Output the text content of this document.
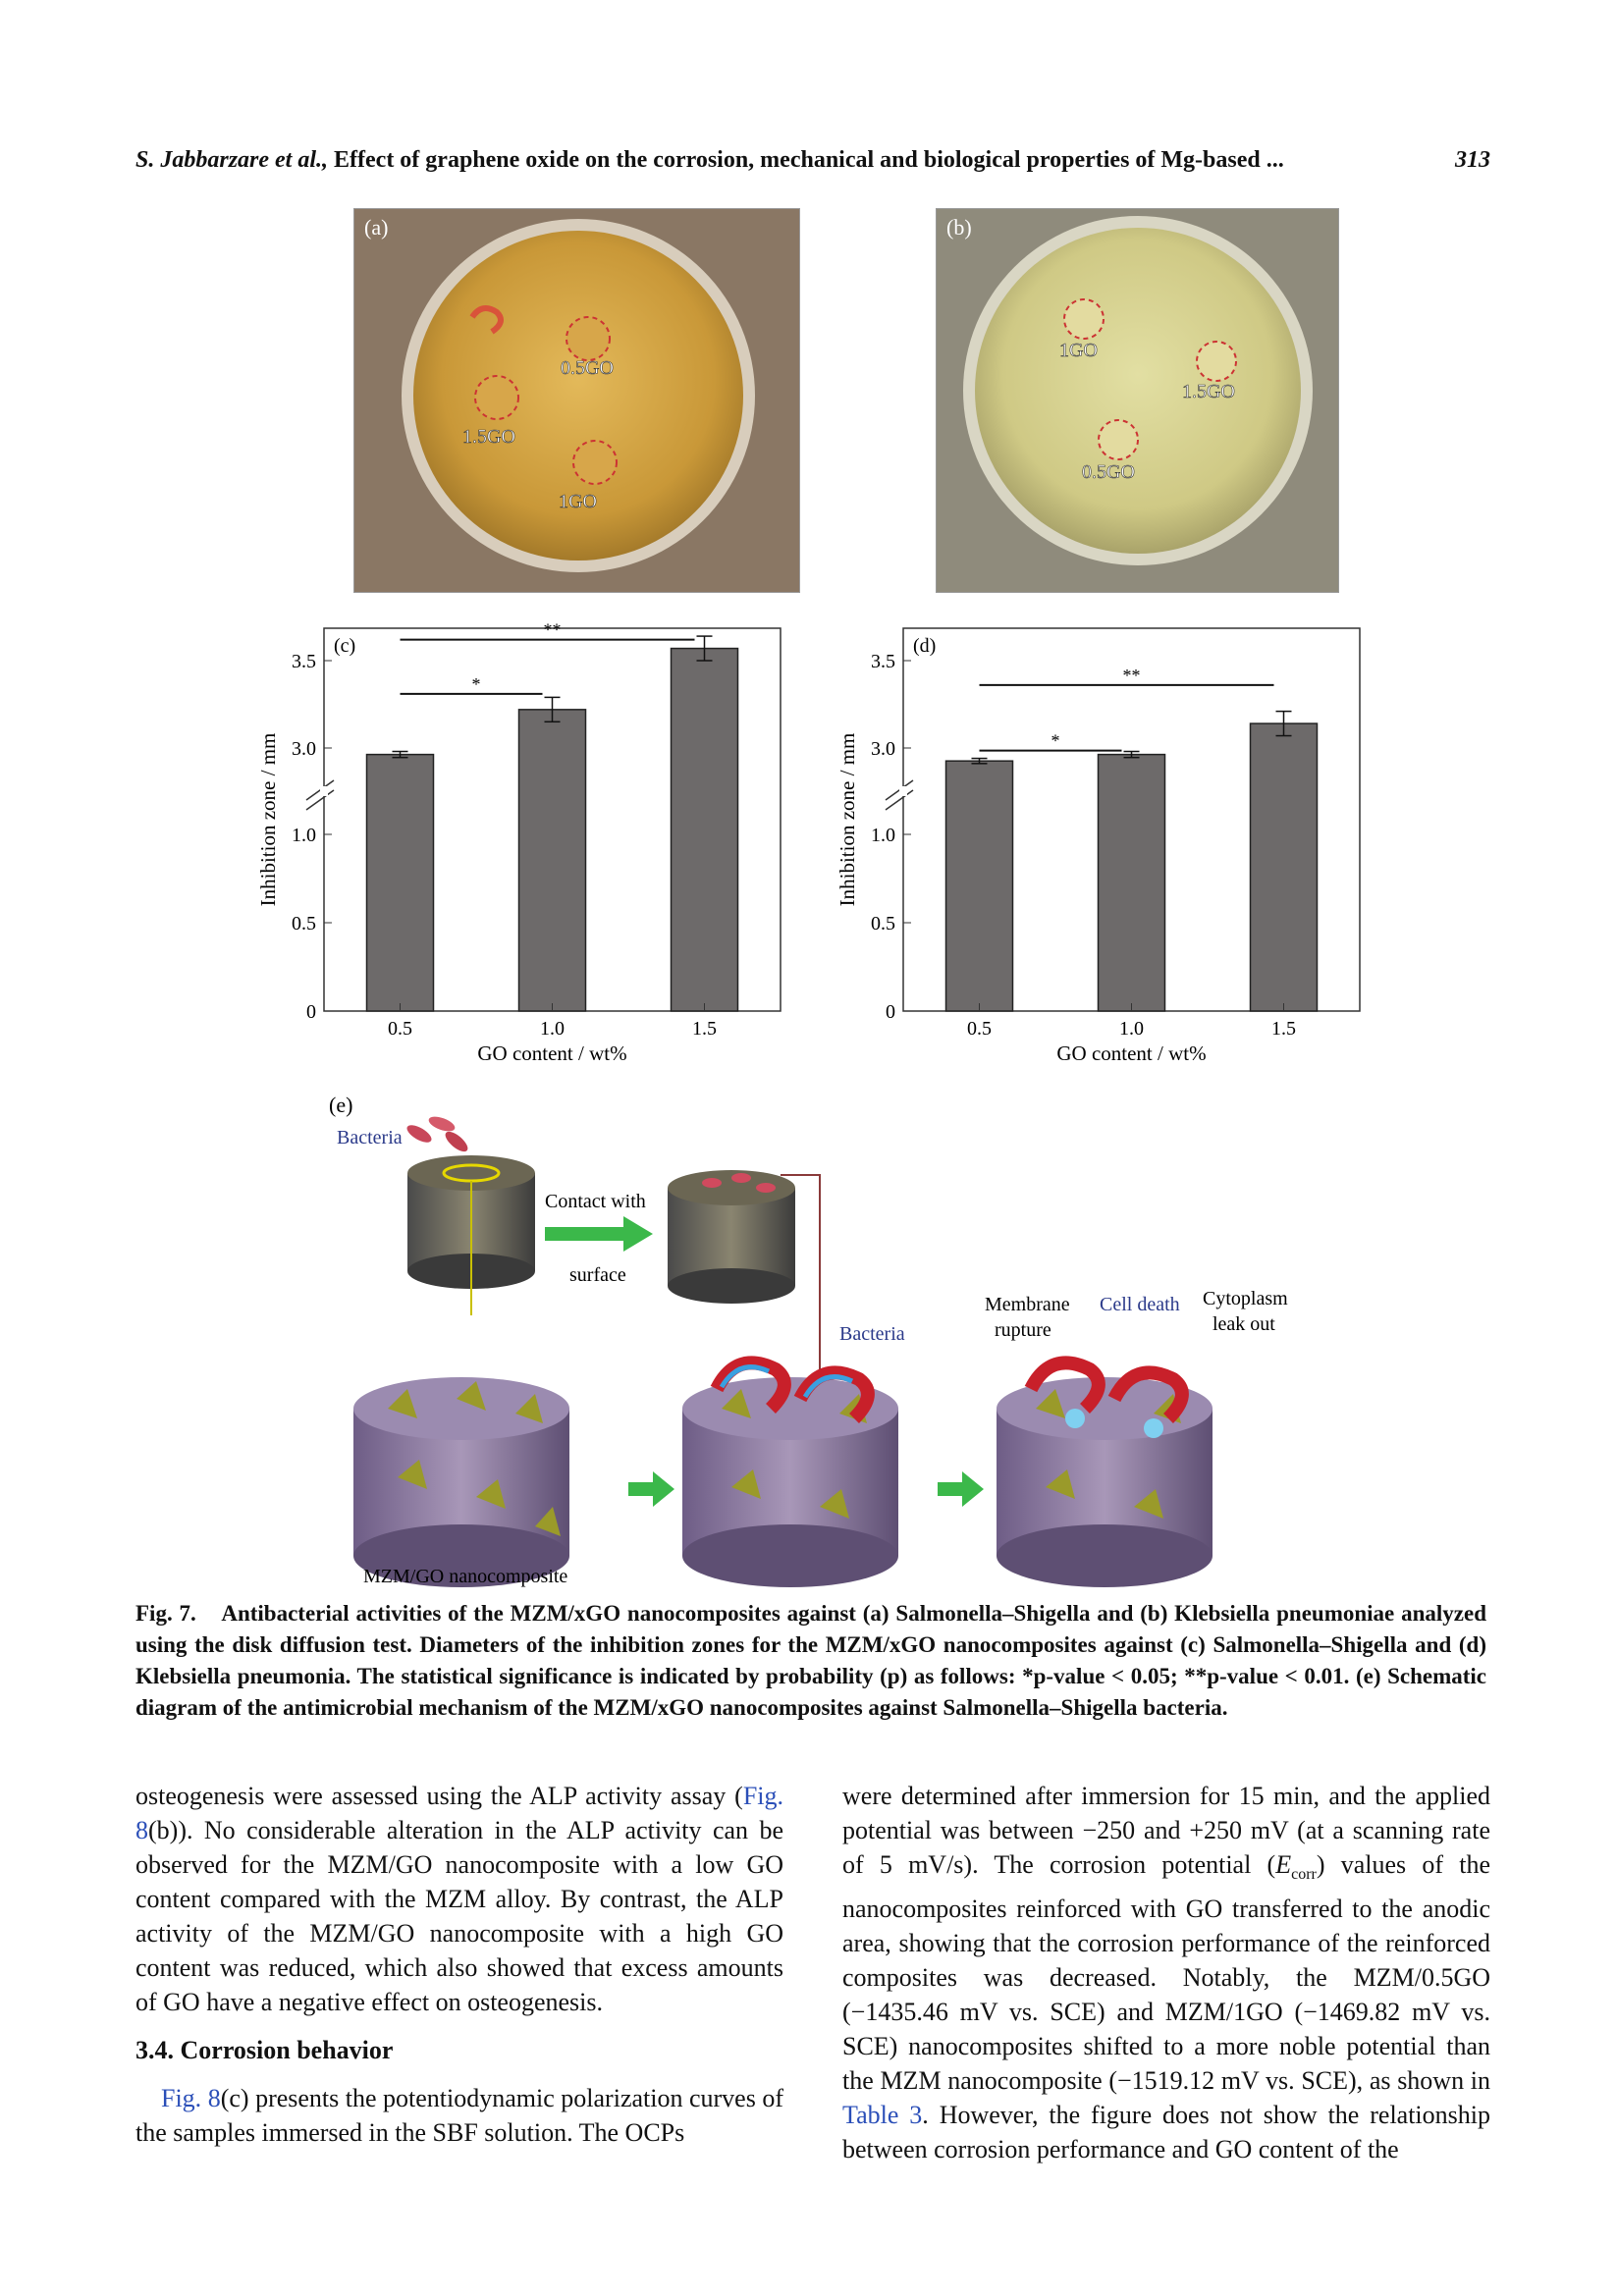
S. Jabbarzare et al., Effect of graphene oxide on the corrosion, mechanical and biological properties of Mg-based ...	313
0.5GO
1.5GO
1GO
(a)
1GO
1.5GO
0.5GO
(b)
(c)
0
0.5
1.0
3.0
3.5
Inhibition zone / mm
0.5	1.0	1.5
GO content / wt%
*
**
(d)
0
0.5
1.0
3.0
3.5
Inhibition zone / mm
0.5	1.0	1.5
GO content / wt%
*
**
(e)
Bacteria
Contact with
surface
Bacteria
Membrane
rupture
Cell death Cytoplasm
leak out
MZM/GO nanocomposite
Fig. 7. Antibacterial activities of the MZM/xGO nanocomposites against (a) Salmonella–Shigella and (b) Klebsiella pneumoniae analyzed using the disk diffusion test. Diameters of the inhibition zones for the MZM/xGO nanocomposites against (c) Salmonella–Shigella and (d) Klebsiella pneumonia. The statistical significance is indicated by probability (p) as follows: *p-value < 0.05; **p-value < 0.01. (e) Schematic diagram of the antimicrobial mechanism of the MZM/xGO nanocomposites against Salmonella–Shigella bacteria.
osteogenesis were assessed using the ALP activity assay (Fig. 8(b)). No considerable alteration in the ALP activity can be observed for the MZM/GO nanocomposite with a low GO content compared with the MZM alloy. By contrast, the ALP activity of the MZM/GO nanocomposite with a high GO content was reduced, which also showed that excess amounts of GO have a negative effect on osteogenesis.
3.4. Corrosion behavior
Fig. 8(c) presents the potentiodynamic polarization curves of the samples immersed in the SBF solution. The OCPs
were determined after immersion for 15 min, and the applied potential was between −250 and +250 mV (at a scanning rate of 5 mV/s). The corrosion potential $(E_{corr})$ values of the nanocomposites reinforced with GO transferred to the anodic area, showing that the corrosion performance of the reinforced composites was decreased. Notably, the MZM/0.5GO (−1435.46 mV vs. SCE) and MZM/1GO (−1469.82 mV vs. SCE) nanocomposites shifted to a more noble potential than the MZM nanocomposite (−1519.12 mV vs. SCE), as shown in Table 3. However, the figure does not show the relationship between corrosion performance and GO content of the
